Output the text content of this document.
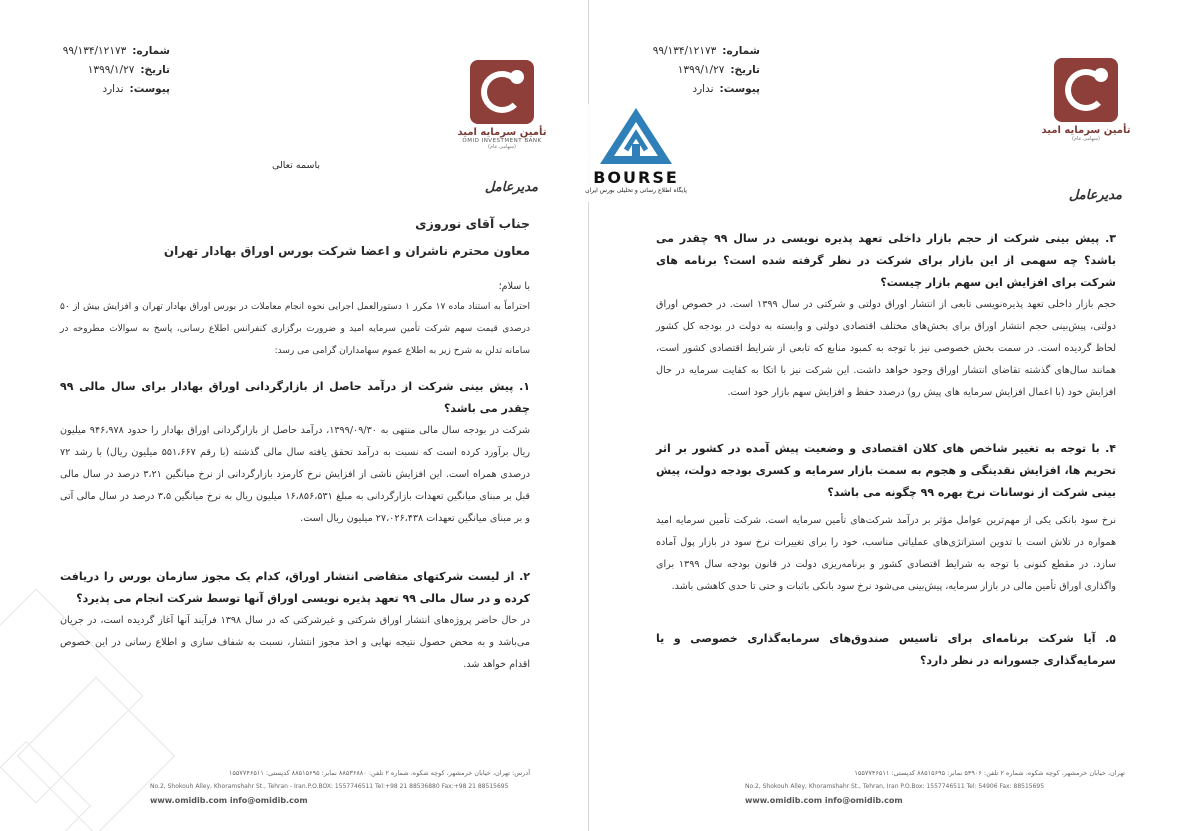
شماره:۹۹/۱۳۴/۱۲۱۷۳
تاریخ:۱۳۹۹/۱/۲۷
پیوست:ندارد
تأمین سرمایه امید
OMID INVESTMENT BANK
(سهامی عام)
باسمه تعالی
مدیرعامل
جناب آقای نوروزی
معاون محترم ناشران و اعضا شرکت بورس اوراق بهادار تهران
با سلام؛
احتراماً به استناد ماده ۱۷ مکرر ۱ دستورالعمل اجرایی نحوه انجام معاملات در بورس اوراق بهادار تهران و افزایش بیش از ۵۰ درصدی قیمت سهم شرکت تأمین سرمایه امید و ضرورت برگزاری کنفرانس اطلاع رسانی، پاسخ به سوالات مطروحه در سامانه تدلن به شرح زیر به اطلاع عموم سهامداران گرامی می رسد:
۱. پیش بینی شرکت از درآمد حاصل از بازارگردانی اوراق بهادار برای سال مالی ۹۹ چقدر می باشد؟
شرکت در بودجه سال مالی منتهی به ۱۳۹۹/۰۹/۳۰، درآمد حاصل از بازارگردانی اوراق بهادار را حدود ۹۴۶،۹۷۸ میلیون ریال برآورد کرده است که نسبت به درآمد تحقق یافته سال مالی گذشته (با رقم ۵۵۱،۶۶۷ میلیون ریال) با رشد ۷۲ درصدی همراه است. این افزایش ناشی از افزایش نرخ کارمزد بازارگردانی از نرخ میانگین ۳،۲۱ درصد در سال مالی قبل بر مبنای میانگین تعهدات بازارگردانی به مبلغ ۱۶،۸۵۶،۵۳۱ میلیون ریال به نرخ میانگین ۳،۵ درصد در سال مالی آتی و بر مبنای میانگین تعهدات ۲۷،۰۲۶،۴۳۸ میلیون ریال است.
۲. از لیست شرکتهای متقاضی انتشار اوراق، کدام یک مجوز سازمان بورس را دریافت کرده و در سال مالی ۹۹ تعهد پذیره نویسی اوراق آنها توسط شرکت انجام می پذیرد؟
در حال حاضر پروژه‌های انتشار اوراق شرکتی و غیرشرکتی که در سال ۱۳۹۸ فرآیند آنها آغاز گردیده است، در جریان می‌باشد و به محض حصول نتیجه نهایی و اخذ مجوز انتشار، نسبت به شفاف سازی و اطلاع رسانی در این خصوص اقدام خواهد شد.
آدرس: تهران، خیابان خرمشهر، کوچه شکوه، شماره ۲ تلفن: ۸۸۵۳۶۸۸۰ نمابر: ۸۸۵۱۵۶۹۵ کدپستی: ۱۵۵۷۷۴۶۵۱۱
No.2, Shokouh Alley, Khoramshahr St., Tehran - Iran.P.O.BOX: 1557746511 Tel:+98 21 88536880 Fax:+98 21 88515695
www.omidib.com info@omidib.com
شماره:۹۹/۱۳۴/۱۲۱۷۳
تاریخ:۱۳۹۹/۱/۲۷
پیوست:ندارد
تأمین سرمایه امید
(سهامی عام)
مدیرعامل
۳. پیش بینی شرکت از حجم بازار داخلی تعهد پذیره نویسی در سال ۹۹ چقدر می باشد؟ چه سهمی از این بازار برای شرکت در نظر گرفته شده است؟ برنامه های شرکت برای افزایش این سهم بازار چیست؟
حجم بازار داخلی تعهد پذیره‌نویسی تابعی از انتشار اوراق دولتی و شرکتی در سال ۱۳۹۹ است. در خصوص اوراق دولتی، پیش‌بینی حجم انتشار اوراق برای بخش‌های مختلف اقتصادی دولتی و وابسته به دولت در بودجه کل کشور لحاظ گردیده است. در سمت بخش خصوصی نیز با توجه به کمبود منابع که تابعی از شرایط اقتصادی کشور است، همانند سال‌های گذشته تقاضای انتشار اوراق وجود خواهد داشت. این شرکت نیز با اتکا به کفایت سرمایه در حال افزایش خود (با اعمال افزایش سرمایه های پیش رو) درصدد حفظ و افزایش سهم بازار خود است.
۴. با توجه به تغییر شاخص های کلان اقتصادی و وضعیت پیش آمده در کشور بر اثر تحریم ها، افزایش نقدینگی و هجوم به سمت بازار سرمایه و کسری بودجه دولت، پیش بینی شرکت از نوسانات نرخ بهره ۹۹ چگونه می باشد؟
نرخ سود بانکی یکی از مهم‌ترین عوامل مؤثر بر درآمد شرکت‌های تأمین سرمایه است. شرکت تأمین سرمایه امید همواره در تلاش است با تدوین استراتژی‌های عملیاتی مناسب، خود را برای تغییرات نرخ سود در بازار پول آماده سازد. در مقطع کنونی با توجه به شرایط اقتصادی کشور و برنامه‌ریزی دولت در قانون بودجه سال ۱۳۹۹ برای واگذاری اوراق تأمین مالی در بازار سرمایه، پیش‌بینی می‌شود نرخ سود بانکی باثبات و حتی تا حدی کاهشی باشد.
۵. آیا شرکت برنامه‌ای برای تاسیس صندوق‌های سرمایه‌گذاری خصوصی و یا سرمایه‌گذاری جسورانه در نظر دارد؟
تهران، خیابان خرمشهر، کوچه شکوه، شماره ۲ تلفن: ۵۴۹۰۶ نمابر: ۸۸۵۱۵۶۹۵ کدپستی: ۱۵۵۷۷۴۶۵۱۱
No.2, Shokouh Alley, Khoramshahr St., Tehran, Iran P.O.Box: 1557746511 Tel: 54906 Fax: 88515695
www.omidib.com info@omidib.com
BOURSE
پایگاه اطلاع رسانی و تحلیلی بورس ایران
